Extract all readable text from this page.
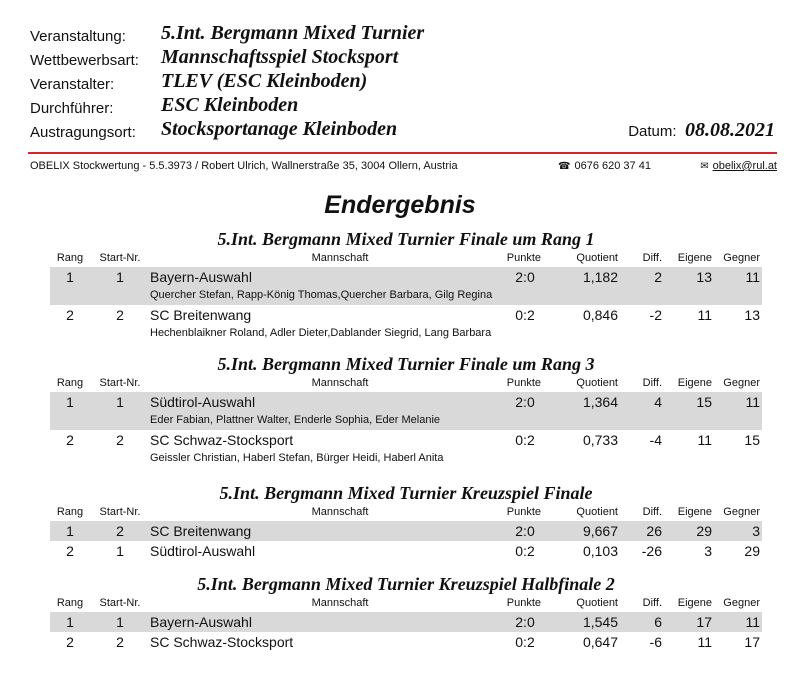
Veranstaltung: 5.Int. Bergmann Mixed Turnier
Wettbewerbsart: Mannschaftsspiel Stocksport
Veranstalter: TLEV (ESC Kleinboden)
Durchführer: ESC Kleinboden
Austragungsort: Stocksportanage Kleinboden	Datum: 08.08.2021
OBELIX Stockwertung - 5.5.3973 / Robert Ulrich, Wallnerstraße 35, 3004 Ollern, Austria	☎ 0676 620 37 41	✉ obelix@rul.at
Endergebnis
5.Int. Bergmann Mixed Turnier Finale um Rang 1
Rang	Start-Nr.	Mannschaft	Punkte	Quotient	Diff.	Eigene	Gegner
1	1	Bayern-Auswahl	2:0	1,182	2	13	11
Quercher Stefan, Rapp-König Thomas,Quercher Barbara, Gilg Regina
2	2	SC Breitenwang	0:2	0,846	-2	11	13
Hechenblaikner Roland, Adler Dieter,Dablander Siegrid, Lang Barbara
5.Int. Bergmann Mixed Turnier Finale um Rang 3
Rang	Start-Nr.	Mannschaft	Punkte	Quotient	Diff.	Eigene	Gegner
1	1	Südtirol-Auswahl	2:0	1,364	4	15	11
Eder Fabian, Plattner Walter, Enderle Sophia, Eder Melanie
2	2	SC Schwaz-Stocksport	0:2	0,733	-4	11	15
Geissler Christian, Haberl Stefan, Bürger Heidi, Haberl Anita
5.Int. Bergmann Mixed Turnier Kreuzspiel Finale
Rang	Start-Nr.	Mannschaft	Punkte	Quotient	Diff.	Eigene	Gegner
1	2	SC Breitenwang	2:0	9,667	26	29	3
2	1	Südtirol-Auswahl	0:2	0,103	-26	3	29
5.Int. Bergmann Mixed Turnier Kreuzspiel Halbfinale 2
Rang	Start-Nr.	Mannschaft	Punkte	Quotient	Diff.	Eigene	Gegner
1	1	Bayern-Auswahl	2:0	1,545	6	17	11
2	2	SC Schwaz-Stocksport	0:2	0,647	-6	11	17
